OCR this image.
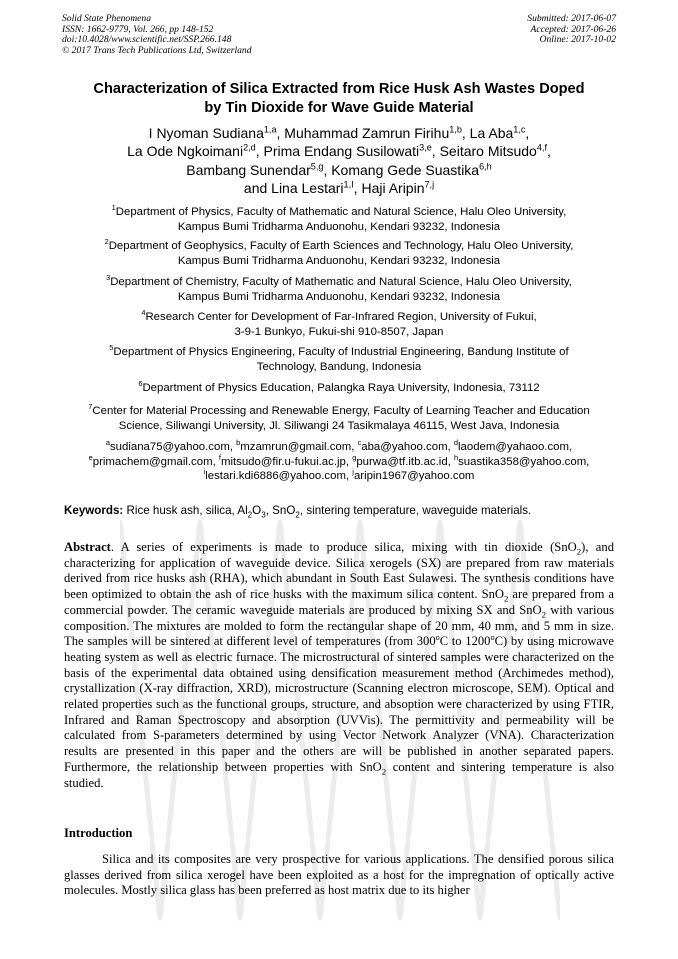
Solid State Phenomena
ISSN: 1662-9779, Vol. 266, pp 148-152
doi:10.4028/www.scientific.net/SSP.266.148
© 2017 Trans Tech Publications Ltd, Switzerland
Submitted: 2017-06-07
Accepted: 2017-06-26
Online: 2017-10-02
Characterization of Silica Extracted from Rice Husk Ash Wastes Doped
by Tin Dioxide for Wave Guide Material
I Nyoman Sudiana$^{1,a}$, Muhammad Zamrun Firihu$^{1,b}$, La Aba$^{1,c}$,
La Ode Ngkoimani$^{2,d}$, Prima Endang Susilowati$^{3,e}$, Seitaro Mitsudo$^{4,f}$,
Bambang Sunendar$^{5,g}$, Komang Gede Suastika$^{6,h}$
and Lina Lestari$^{1,I}$, Haji Aripin$^{7,j}$
$^1$Department of Physics, Faculty of Mathematic and Natural Science, Halu Oleo University,
Kampus Bumi Tridharma Anduonohu, Kendari 93232, Indonesia
$^2$Department of Geophysics, Faculty of Earth Sciences and Technology, Halu Oleo University,
Kampus Bumi Tridharma Anduonohu, Kendari 93232, Indonesia
$^3$Department of Chemistry, Faculty of Mathematic and Natural Science, Halu Oleo University,
Kampus Bumi Tridharma Anduonohu, Kendari 93232, Indonesia
$^4$Research Center for Development of Far-Infrared Region, University of Fukui,
3-9-1 Bunkyo, Fukui-shi 910-8507, Japan
$^5$Department of Physics Engineering, Faculty of Industrial Engineering, Bandung Institute of
Technology, Bandung, Indonesia
$^6$Department of Physics Education, Palangka Raya University, Indonesia, 73112
$^7$Center for Material Processing and Renewable Energy, Faculty of Learning Teacher and Education
Science, Siliwangi University, Jl. Siliwangi 24 Tasikmalaya 46115, West Java, Indonesia
$^a$sudiana75@yahoo.com, $^b$mzamrun@gmail.com, $^c$aba@yahoo.com, $^d$laodem@yahaoo.com,
$^e$primachem@gmail.com, $^f$mitsudo@fir.u-fukui.ac.jp, $^g$purwa@tf.itb.ac.id, $^h$suastika358@yahoo.com,
$^i$lestari.kdi6886@yahoo.com, $^j$aripin1967@yahoo.com
Keywords: Rice husk ash, silica, $Al_2O_3$, SnO$_2$, sintering temperature, waveguide materials.
Abstract. A series of experiments is made to produce silica, mixing with tin dioxide (SnO$_2$), and characterizing for application of waveguide device. Silica xerogels (SX) are prepared from raw materials derived from rice husks ash (RHA), which abundant in South East Sulawesi. The synthesis conditions have been optimized to obtain the ash of rice husks with the maximum silica content. SnO$_2$ are prepared from a commercial powder. The ceramic waveguide materials are produced by mixing SX and SnO$_2$ with various composition. The mixtures are molded to form the rectangular shape of 20 mm, 40 mm, and 5 mm in size. The samples will be sintered at different level of temperatures (from 300$^o$C to 1200$^o$C) by using microwave heating system as well as electric furnace. The microstructural of sintered samples were characterized on the basis of the experimental data obtained using densification measurement method (Archimedes method), crystallization (X-ray diffraction, XRD), microstructure (Scanning electron microscope, SEM). Optical and related properties such as the functional groups, structure, and absoption were characterized by using FTIR, Infrared and Raman Spectroscopy and absorption (UVVis). The permittivity and permeability will be calculated from S-parameters determined by using Vector Network Analyzer (VNA). Characterization results are presented in this paper and the others are will be published in another separated papers. Furthermore, the relationship between properties with SnO$_2$ content and sintering temperature is also studied.
Introduction
Silica and its composites are very prospective for various applications. The densified porous silica glasses derived from silica xerogel have been exploited as a host for the impregnation of optically active molecules. Mostly silica glass has been preferred as host matrix due to its higher
